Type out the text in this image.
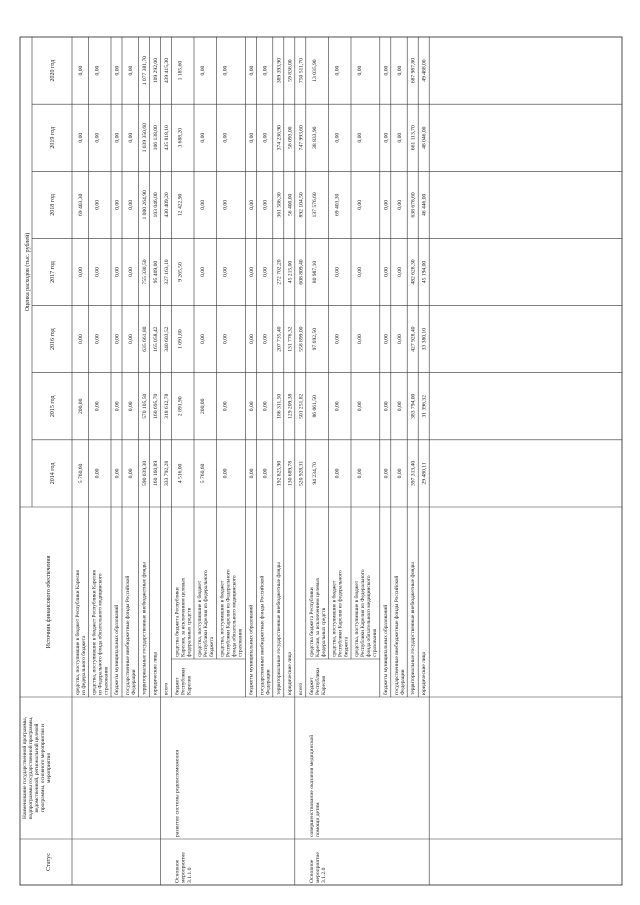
Статус
Наименование государственной программы,подпрограммы государственной программы,ведомственной, региональной целевойпрограммы, основного мероприятия имероприятия
Источник финансового обеспечения
Оценка расходов (тыс. рублей)
2014 год
2015 год
2016 год
2017 год
2018 год
2019 год
2020 год
средства, поступившие в бюджет Республики Карелияиз федерального бюджета
5 760,60
200,00
0,00
0,00
69 403,30
0,00
0,00
средства, поступившие в бюджет Республики Карелияиз Федерального фонда обязательного медицинскогострахования
0,00
0,00
0,00
0,00
0,00
0,00
0,00
бюджеты муниципальных образований
0,00
0,00
0,00
0,00
0,00
0,00
0,00
государственные внебюджетные фонды РоссийскойФедерации
0,00
0,00
0,00
0,00
0,00
0,00
0,00
территориальные государственные внебюджетные фонды
590 039,30
570 105,50
635 661,80
755 330,50
1 000 264,90
1 039 350,60
1 077 381,70
юридические лица
160 160,89
160 695,70
165 058,42
95 409,00
103 046,00
106 138,00
109 292,00
всего
333 792,28
318 612,78
340 603,52
327 163,10
430 409,20
435 818,10
439 415,30
средства бюджета РеспубликиКарелия, за исключением целевыхфедеральных средств
бюджетРеспубликиКарелия
4 516,00
2 891,90
1 091,80
9 265,50
12 422,90
3 688,20
1 185,60
средства, поступившие в бюджетРеспублики Карелия из федеральногобюджета
5 760,60
200,00
0,00
0,00
0,00
0,00
0,00
средства, поступившие в бюджетРеспублики Карелия из Федеральногофонда обязательного медицинскогострахования
0,00
0,00
0,00
0,00
0,00
0,00
0,00
бюджеты муниципальных образований
0,00
0,00
0,00
0,00
0,00
0,00
0,00
государственные внебюджетные фонды РоссийскойФедерации
0,00
0,00
0,00
0,00
0,00
0,00
0,00
территориальные государственные внебюджетные фонды
192 825,90
186 311,50
207 735,40
272 702,20
361 586,30
374 236,90
389 393,90
юридические лица
130 689,78
129 209,38
131 776,32
45 215,00
56 400,00
58 093,00
59 836,00
Основноемероприятие3.1.1.0
развитие системы родовспоможения
всего
520 928,31
501 251,82
558 899,00
608 809,40
892 104,50
747 993,60
750 511,70
средства бюджета РеспубликиКарелия, за исключением целевыхфедеральных средств
бюджетРеспубликиКарелия
94 234,70
86 061,50
97 692,50
80 987,10
137 576,60
38 833,90
13 035,90
средства, поступившие в бюджетРеспублики Карелия из федеральногобюджета
0,00
0,00
0,00
0,00
69 403,30
0,00
0,00
средства, поступившие в бюджетРеспублики Карелия из Федеральногофонда обязательного медицинскогострахования
0,00
0,00
0,00
0,00
0,00
0,00
0,00
бюджеты муниципальных образований
0,00
0,00
0,00
0,00
0,00
0,00
0,00
государственные внебюджетные фонды РоссийскойФедерации
0,00
0,00
0,00
0,00
0,00
0,00
0,00
территориальные государственные внебюджетные фонды
397 313,40
383 794,00
427 928,40
482 628,30
638 678,60
661 113,70
687 987,80
юридические лица
29 480,11
31 396,32
33 380,10
45 194,00
46 446,00
48 046,00
49 488,00
Основноемероприятие3.1.2.0
совершенствование оказания медицинскойпомощи детям
